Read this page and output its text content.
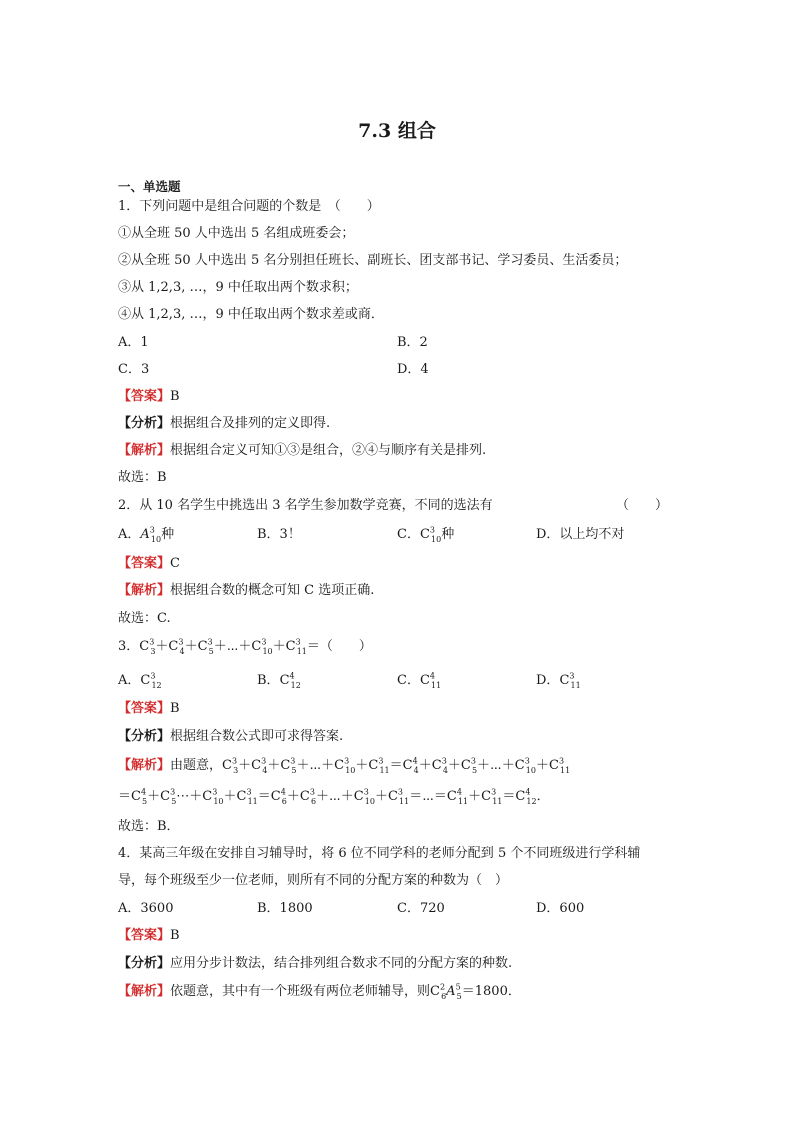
7.3 组合
一、单选题
1．下列问题中是组合问题的个数是　（　　）
①从全班 50 人中选出 5 名组成班委会；
②从全班 50 人中选出 5 名分别担任班长、副班长、团支部书记、学习委员、生活委员；
③从 1,2,3, …，9 中任取出两个数求积；
④从 1,2,3, …，9 中任取出两个数求差或商．
A．1	B．2
C．3	D．4
【答案】B
【分析】根据组合及排列的定义即得.
【解析】根据组合定义可知①③是组合，②④与顺序有关是排列.
故选：B
2．从 10 名学生中挑选出 3 名学生参加数学竞赛，不同的选法有	（　　）
A．$A^3_{10}$种	B．3！	C．$C^3_{10}$种	D．以上均不对
【答案】C
【解析】根据组合数的概念可知 C 选项正确.
故选：C.
3．$C^3_3+C^3_4+C^3_5+\cdots+C^3_{10}+C^3_{11}=$（　　）
A．$C^3_{12}$	B．$C^4_{12}$	C．$C^4_{11}$	D．$C^3_{11}$
【答案】B
【分析】根据组合数公式即可求得答案.
【解析】由题意，$C^3_3+C^3_4+C^3_5+\cdots+C^3_{10}+C^3_{11}=C^4_4+C^3_4+C^3_5+\cdots+C^3_{10}+C^3_{11}$
$=C^4_5+C^3_5\cdots+C^3_{10}+C^3_{11}=C^4_6+C^3_6+\cdots+C^3_{10}+C^3_{11}=\cdots=C^4_{11}+C^3_{11}=C^4_{12}$．
故选：B．
4．某高三年级在安排自习辅导时，将 6 位不同学科的老师分配到 5 个不同班级进行学科辅
导，每个班级至少一位老师，则所有不同的分配方案的种数为（　）
A．3600	B．1800	C．720	D．600
【答案】B
【分析】应用分步计数法，结合排列组合数求不同的分配方案的种数.
【解析】依题意，其中有一个班级有两位老师辅导，则$C^2_6A^5_5=1800$．
